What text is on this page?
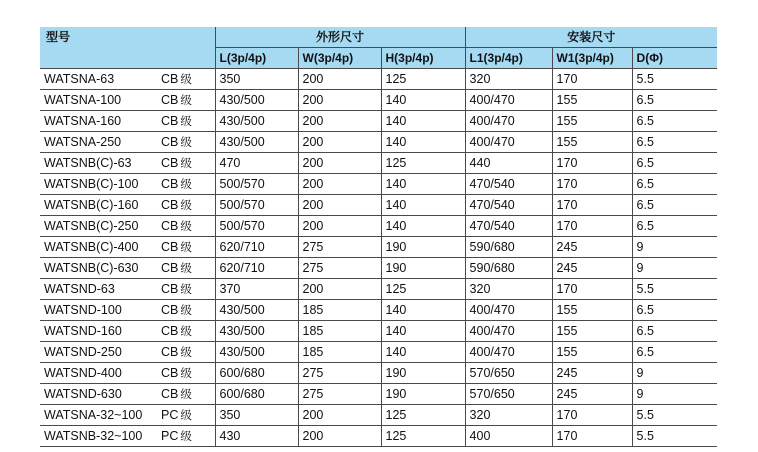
型号		外形尺寸			安装尺寸		
		L(3p/4p)	W(3p/4p)	H(3p/4p)	L1(3p/4p)	W1(3p/4p)	D(Φ)
WATSNA-63	CB 级	350	200	125	320	170	5.5
WATSNA-100	CB 级	430/500	200	140	400/470	155	6.5
WATSNA-160	CB 级	430/500	200	140	400/470	155	6.5
WATSNA-250	CB 级	430/500	200	140	400/470	155	6.5
WATSNB(C)-63	CB 级	470	200	125	440	170	6.5
WATSNB(C)-100	CB 级	500/570	200	140	470/540	170	6.5
WATSNB(C)-160	CB 级	500/570	200	140	470/540	170	6.5
WATSNB(C)-250	CB 级	500/570	200	140	470/540	170	6.5
WATSNB(C)-400	CB 级	620/710	275	190	590/680	245	9
WATSNB(C)-630	CB 级	620/710	275	190	590/680	245	9
WATSND-63	CB 级	370	200	125	320	170	5.5
WATSND-100	CB 级	430/500	185	140	400/470	155	6.5
WATSND-160	CB 级	430/500	185	140	400/470	155	6.5
WATSND-250	CB 级	430/500	185	140	400/470	155	6.5
WATSND-400	CB 级	600/680	275	190	570/650	245	9
WATSND-630	CB 级	600/680	275	190	570/650	245	9
WATSNA-32~100	PC 级	350	200	125	320	170	5.5
WATSNB-32~100	PC 级	430	200	125	400	170	5.5
